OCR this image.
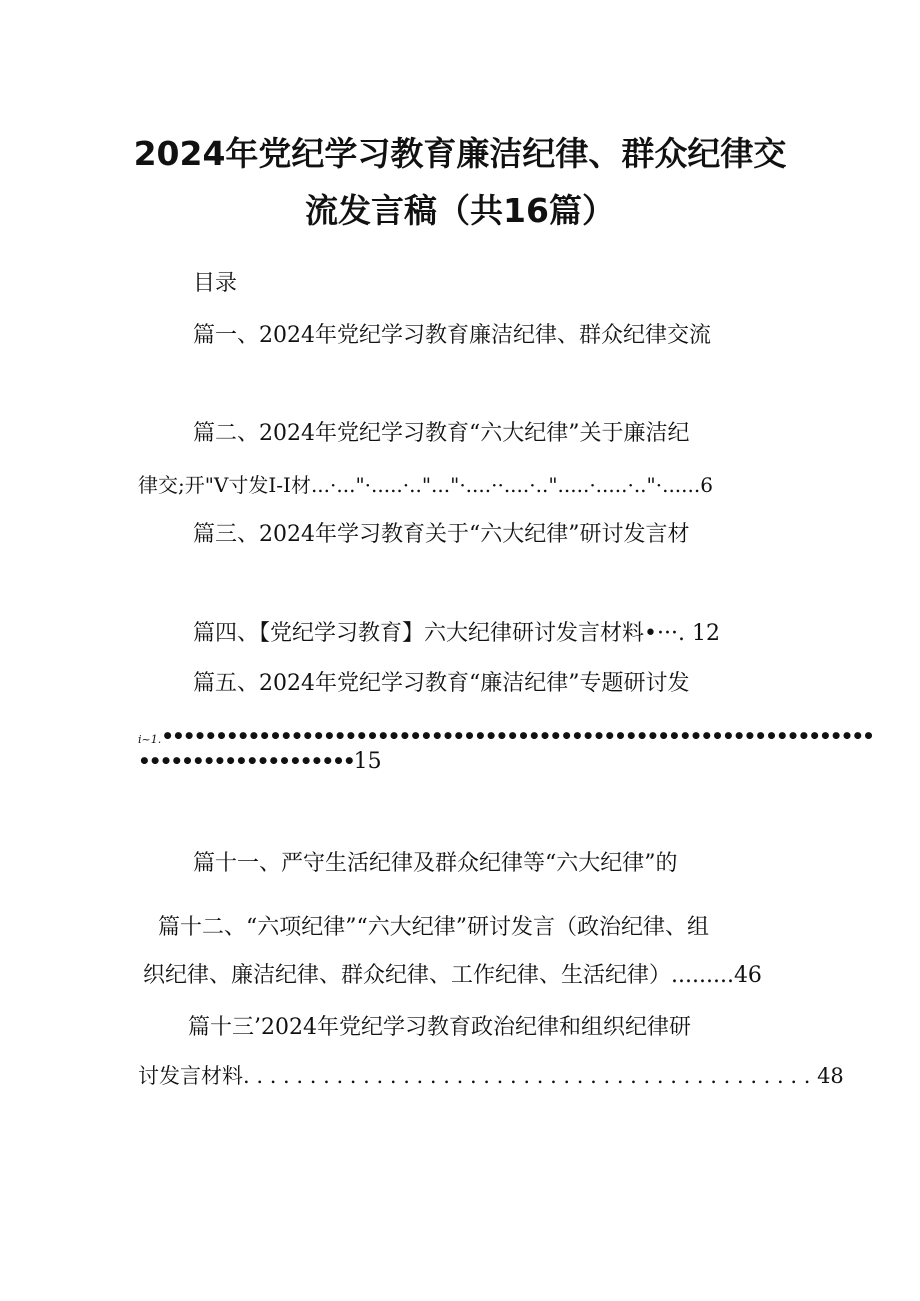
2024年党纪学习教育廉洁纪律、群众纪律交
流发言稿（共16篇）
目录
篇一、2024年党纪学习教育廉洁纪律、群众纪律交流
篇二、2024年党纪学习教育“六大纪律”关于廉洁纪
律交;开"V寸发I-I材...·..."·.....·.."..."·....··....·..".....·.....·.."·......6
篇三、2024年学习教育关于“六大纪律”研讨发言材
篇四、【党纪学习教育】六大纪律研讨发言材料•···. 12
篇五、2024年党纪学习教育“廉洁纪律”专题研讨发
i~1.••••••••••••••••••••••••••••••••••••••••••••••••••••••••••••••••••
••••••••••••••••••••15
篇十一、严守生活纪律及群众纪律等“六大纪律”的
篇十二、“六项纪律”“六大纪律”研讨发言（政治纪律、组
织纪律、廉洁纪律、群众纪律、工作纪律、生活纪律）.........46
篇十三’2024年党纪学习教育政治纪律和组织纪律研
讨发言材料. . . . . . . . . . . . . . . . . . . . . . . . . . . . . . . . . . . . . . . . . . . 48
